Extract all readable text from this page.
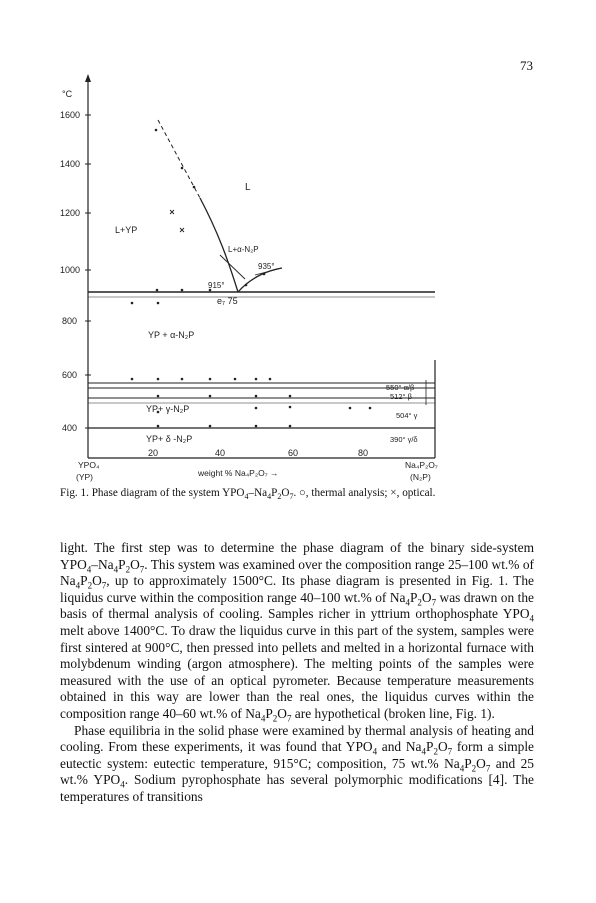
73
°C
1600
1400
1200
1000
800
600
400
L
L+YP
L+α-N₂P
YP + α-N₂P
YP+ γ-N₂P
YP+ δ -N₂P
935°
915°
e₇ 75
550° α/β
512° β
504° γ
390° γ/δ
20	40	60	80
YPO₄
(YP)
Na₄P₂O₇
(N₂P)
weight % Na₄P₂O₇ →
Fig. 1. Phase diagram of the system $YPO_4-Na_4P_2O_7$. ○, thermal analysis; ×, optical.

light. The first step was to determine the phase diagram of the binary side-system $YPO_4-Na_4P_2O_7$. This system was examined over the composition range 25–100 wt.% of $Na_4P_2O_7$, up to approximately 1500°C. Its phase diagram is presented in Fig. 1. The liquidus curve within the composition range 40–100 wt.% of $Na_4P_2O_7$ was drawn on the basis of thermal analysis of cooling. Samples richer in yttrium orthophosphate $YPO_4$ melt above 1400°C. To draw the liquidus curve in this part of the system, samples were first sintered at 900°C, then pressed into pellets and melted in a horizontal furnace with molybdenum winding (argon atmosphere). The melting points of the samples were measured with the use of an optical pyrometer. Because temperature measurements obtained in this way are lower than the real ones, the liquidus curves within the composition range 40–60 wt.% of $Na_4P_2O_7$ are hypothetical (broken line, Fig. 1).

Phase equilibria in the solid phase were examined by thermal analysis of heating and cooling. From these experiments, it was found that $YPO_4$ and $Na_4P_2O_7$ form a simple eutectic system: eutectic temperature, 915°C; composition, 75 wt.% $Na_4P_2O_7$ and 25 wt.% $YPO_4$. Sodium pyrophosphate has several polymorphic modifications [4]. The temperatures of transitions
